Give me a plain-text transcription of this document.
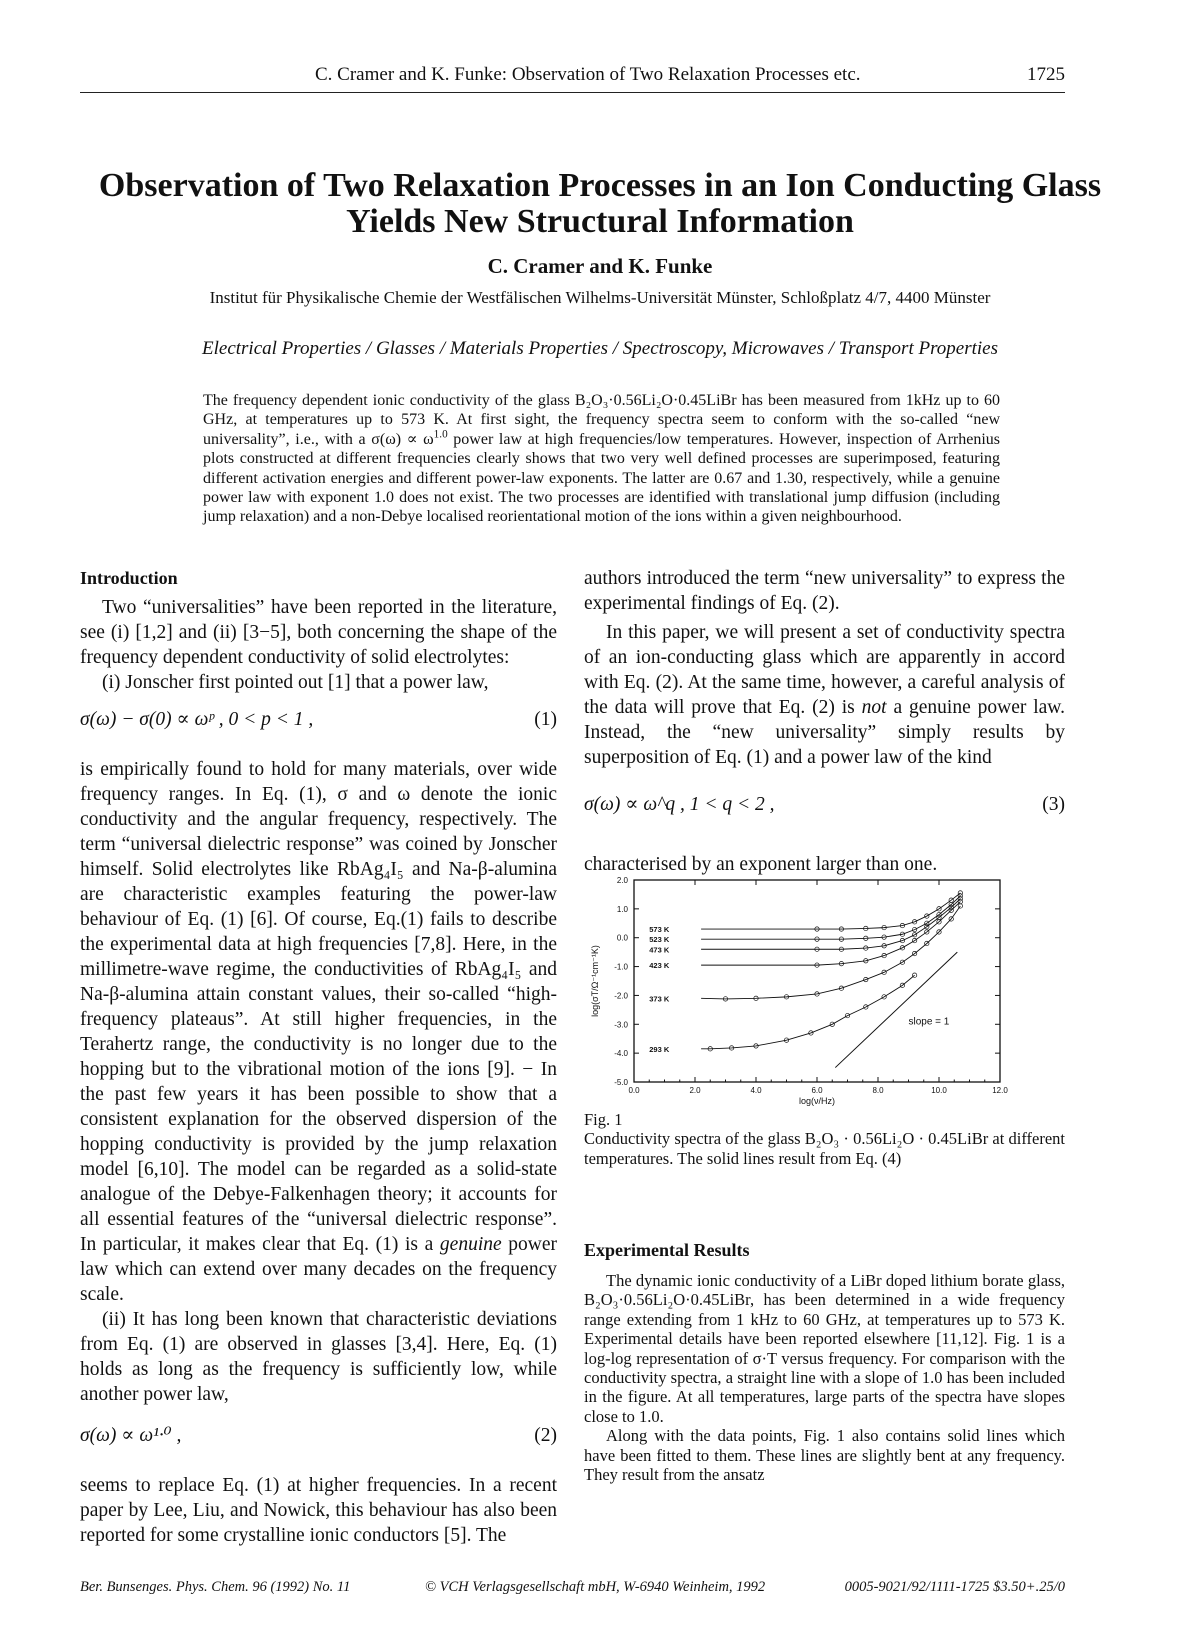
C. Cramer and K. Funke: Observation of Two Relaxation Processes etc.	1725
Observation of Two Relaxation Processes in an Ion Conducting Glass Yields New Structural Information
C. Cramer and K. Funke
Institut für Physikalische Chemie der Westfälischen Wilhelms-Universität Münster, Schloßplatz 4/7, 4400 Münster
Electrical Properties / Glasses / Materials Properties / Spectroscopy, Microwaves / Transport Properties
The frequency dependent ionic conductivity of the glass B₂O₃·0.56Li₂O·0.45LiBr has been measured from 1kHz up to 60 GHz, at temperatures up to 573 K. At first sight, the frequency spectra seem to conform with the so-called “new universality”, i.e., with a $\sigma(\omega) \propto \omega^{1.0}$ power law at high frequencies/low temperatures. However, inspection of Arrhenius plots constructed at different frequencies clearly shows that two very well defined processes are superimposed, featuring different activation energies and different power-law exponents. The latter are 0.67 and 1.30, respectively, while a genuine power law with exponent 1.0 does not exist. The two processes are identified with translational jump diffusion (including jump relaxation) and a non-Debye localised reorientational motion of the ions within a given neighbourhood.
Introduction

Two “universalities” have been reported in the literature, see (i) [1,2] and (ii) [3−5], both concerning the shape of the frequency dependent conductivity of solid electrolytes:

(i) Jonscher first pointed out [1] that a power law,

σ(ω) − σ(0) ∝ ωᵖ , 0 < p < 1 ,	(1)

is empirically found to hold for many materials, over wide frequency ranges. In Eq. (1), σ and ω denote the ionic conductivity and the angular frequency, respectively. The term “universal dielectric response” was coined by Jonscher himself. Solid electrolytes like RbAg₄I₅ and Na-β-alumina are characteristic examples featuring the power-law behaviour of Eq. (1) [6]. Of course, Eq.(1) fails to describe the experimental data at high frequencies [7,8]. Here, in the millimetre-wave regime, the conductivities of RbAg₄I₅ and Na-β-alumina attain constant values, their so-called “high-frequency plateaus”. At still higher frequencies, in the Terahertz range, the conductivity is no longer due to the hopping but to the vibrational motion of the ions [9]. − In the past few years it has been possible to show that a consistent explanation for the observed dispersion of the hopping conductivity is provided by the jump relaxation model [6,10]. The model can be regarded as a solid-state analogue of the Debye-Falkenhagen theory; it accounts for all essential features of the “universal dielectric response”. In particular, it makes clear that Eq. (1) is a genuine power law which can extend over many decades on the frequency scale.

(ii) It has long been known that characteristic deviations from Eq. (1) are observed in glasses [3,4]. Here, Eq. (1) holds as long as the frequency is sufficiently low, while another power law,

σ(ω) ∝ ω¹·⁰ ,	(2)

seems to replace Eq. (1) at higher frequencies. In a recent paper by Lee, Liu, and Nowick, this behaviour has also been reported for some crystalline ionic conductors [5]. The

authors introduced the term “new universality” to express the experimental findings of Eq. (2).

In this paper, we will present a set of conductivity spectra of an ion-conducting glass which are apparently in accord with Eq. (2). At the same time, however, a careful analysis of the data will prove that Eq. (2) is not a genuine power law. Instead, the “new universality” simply results by superposition of Eq. (1) and a power law of the kind

σ(ω) ∝ ω^q , 1 < q < 2 ,	(3)

characterised by an exponent larger than one.

0.0	2.0	4.0	6.0	8.0	10.0	12.0
2.0
1.0
0.0
-1.0
-2.0
-3.0
-4.0
-5.0
log(ν/Hz)
log(σT/Ω⁻¹cm⁻¹K)
slope = 1
573 K
523 K
473 K
423 K
373 K
293 K
Fig. 1
Conductivity spectra of the glass B₂O₃ · 0.56Li₂O · 0.45LiBr at different temperatures. The solid lines result from Eq. (4)
Experimental Results

The dynamic ionic conductivity of a LiBr doped lithium borate glass, B₂O₃·0.56Li₂O·0.45LiBr, has been determined in a wide frequency range extending from 1 kHz to 60 GHz, at temperatures up to 573 K. Experimental details have been reported elsewhere [11,12]. Fig. 1 is a log-log representation of σ·T versus frequency. For comparison with the conductivity spectra, a straight line with a slope of 1.0 has been included in the figure. At all temperatures, large parts of the spectra have slopes close to 1.0.

Along with the data points, Fig. 1 also contains solid lines which have been fitted to them. These lines are slightly bent at any frequency. They result from the ansatz

Ber. Bunsenges. Phys. Chem. 96 (1992) No. 11	© VCH Verlagsgesellschaft mbH, W-6940 Weinheim, 1992	0005-9021/92/1111-1725 $3.50+.25/0
